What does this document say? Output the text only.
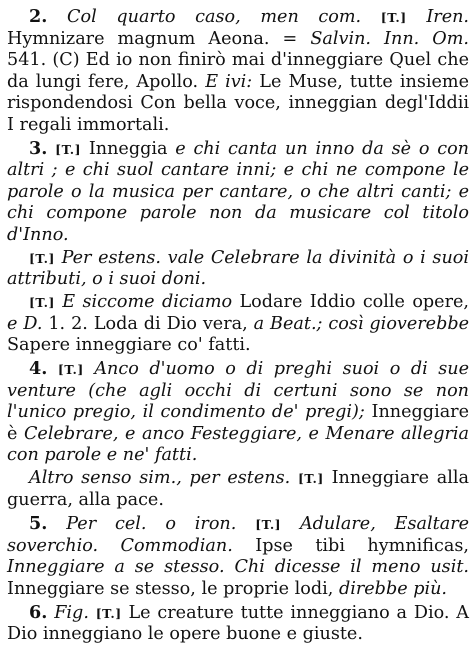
2. Col quarto caso, men com. [T.] Iren. Hymnizare magnum Aeona. = Salvin. Inn. Om. 541. (C) Ed io non finirò mai d'inneggiare Quel che da lungi fere, Apollo. E ivi: Le Muse, tutte insieme rispondendosi Con bella voce, inneggian degl'Iddii I regali immortali.

3. [T.] Inneggia e chi canta un inno da sè o con altri ; e chi suol cantare inni; e chi ne compone le parole o la musica per cantare, o che altri canti; e chi compone parole non da musicare col titolo d'Inno.

[T.] Per estens. vale Celebrare la divinità o i suoi attributi, o i suoi doni.

[T.] E siccome diciamo Lodare Iddio colle opere, e D. 1. 2. Loda di Dio vera, a Beat.; così gioverebbe Sapere inneggiare co' fatti.

4. [T.] Anco d'uomo o di preghi suoi o di sue venture (che agli occhi di certuni sono se non l'unico pregio, il condimento de' pregi); Inneggiare è Celebrare, e anco Festeggiare, e Menare allegria con parole e ne' fatti.

Altro senso sim., per estens. [T.] Inneggiare alla guerra, alla pace.

5. Per cel. o iron. [T.] Adulare, Esaltare soverchio. Commodian. Ipse tibi hymnificas, Inneggiare a se stesso. Chi dicesse il meno usit. Inneggiare se stesso, le proprie lodi, direbbe più.

6. Fig. [T.] Le creature tutte inneggiano a Dio. A Dio inneggiano le opere buone e giuste.
